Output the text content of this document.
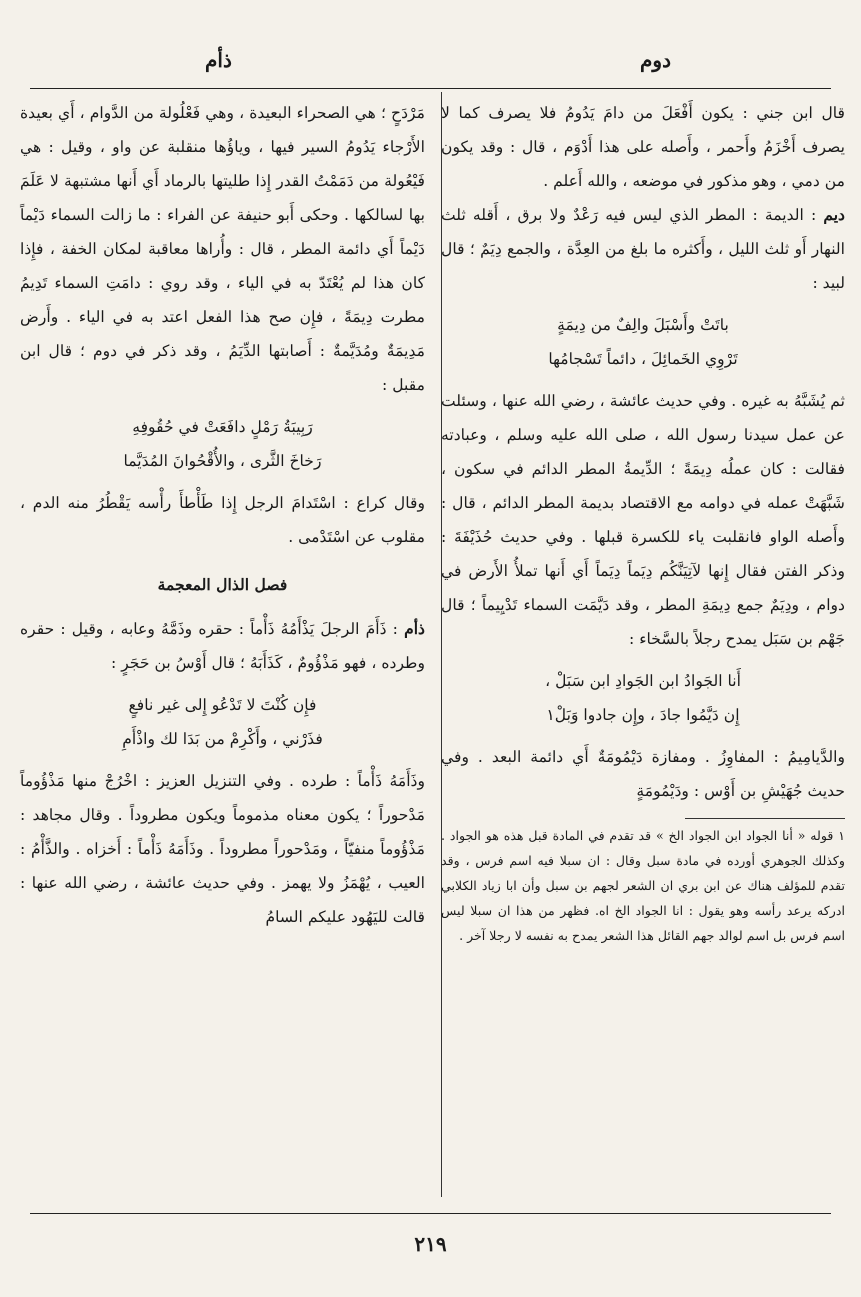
دوم
ذأم

قال ابن جني : يكون أَفْعَلَ من دامَ يَدُومُ فلا يصرف كما لا يصرف أَخْزَمُ وأَحمر ، وأَصله على هذا أَدْوَم ، قال : وقد يكون من دمي ، وهو مذكور في موضعه ، والله أَعلم .

ديم : الديمة : المطر الذي ليس فيه رَعْدٌ ولا برق ، أَقله ثلث النهار أَو ثلث الليل ، وأَكثره ما بلغ من العِدَّة ، والجمع دِيَمٌ ؛ قال لبيد :

باتَتْ وأَسْبَلَ والِفٌ من دِيمَةٍ
تَرْوِي الخَمائِلَ ، دائماً تَسْجامُها

ثم يُشَبَّهُ به غيره . وفي حديث عائشة ، رضي الله عنها ، وسئلت عن عمل سيدنا رسول الله ، صلى الله عليه وسلم ، وعبادته فقالت : كان عملُه دِيمَةً ؛ الدِّيمةُ المطر الدائم في سكون ، شَبَّهَتْ عمله في دوامه مع الاقتصاد بديمة المطر الدائم ، قال : وأَصله الواو فانقلبت ياء للكسرة قبلها . وفي حديث حُذَيْفَةَ : وذكر الفتن فقال إِنها لآتِيَنَّكُم دِيَماً دِيَماً أَي أَنها تملأُ الأَرض في دوام ، ودِيَمٌ جمع دِيمَةِ المطر ، وقد دَيَّمَت السماء تَدْيِيماً ؛ قال جَهْم بن سَبَل يمدح رجلاً بالسَّخاء :

أَنا الجَوادُ ابن الجَوادِ ابن سَبَلْ ،
إِن دَيَّمُوا جادَ ، وإِن جادوا وَبَلْ١

والدَّيامِيمُ : المفاوِزُ . ومفازة دَيْمُومَةٌ أَي دائمة البعد . وفي حديث جُهَيْشِ بن أَوْس : ودَيْمُومَةٍ

١ قوله « أنا الجواد ابن الجواد الخ » قد تقدم في المادة قبل هذه هو الجواد . وكذلك الجوهري أورده في مادة سبل وقال : ان سبلا فيه اسم فرس ، وقد تقدم للمؤلف هناك عن ابن بري ان الشعر لجهم بن سبل وأن ابا زياد الكلابي ادركه يرعد رأسه وهو يقول : انا الجواد الخ اه. فظهر من هذا ان سبلا ليس اسم فرس بل اسم لوالد جهم القائل هذا الشعر يمدح به نفسه لا رجلا آخر .

مَرْدَحٍ ؛ هي الصحراء البعيدة ، وهي فَعْلُولة من الدَّوام ، أَي بعيدة الأَرْجاء يَدُومُ السير فيها ، وياؤُها منقلبة عن واو ، وقيل : هي فَيْعُولة من دَمَمْتُ القدر إِذا طليتها بالرماد أَي أَنها مشتبهة لا عَلَمَ بها لسالكها . وحكى أَبو حنيفة عن الفراء : ما زالت السماء دَيْماً دَيْماً أَي دائمة المطر ، قال : وأُراها معاقبة لمكان الخفة ، فإِذا كان هذا لم يُعْتَدّ به في الياء ، وقد روي : دامَتِ السماء تَدِيمُ مطرت دِيمَةً ، فإِن صح هذا الفعل اعتد به في الياء . وأَرض مَدِيمَةٌ ومُدَيَّمةٌ : أَصابتها الدِّيَمُ ، وقد ذكر في دوم ؛ قال ابن مقبل :

رَبِيبَةُ رَمْلٍ دافَعَتْ في حُقُوفِهِ
رَخاخَ الثَّرى ، والأُقْحُوانَ المُدَيَّما

وقال كراع : اسْتَدامَ الرجل إِذا طَأْطأَ رأْسه يَقْطُرُ منه الدم ، مقلوب عن اسْتَدْمى .

فصل الذال المعجمة

ذأم : ذَأَمَ الرجلَ يَذْأَمُهُ ذَأْماً : حقره وذَمَّهُ وعابه ، وقيل : حقره وطرده ، فهو مَذْؤُومٌ ، كَذَأَبَهُ ؛ قال أَوْسُ بن حَجَرٍ :

فإِن كُنْتَ لا تَدْعُو إِلى غير نافعٍ
فذَرْني ، وأَكْرِمْ من بَدَا لك واذْأَمِ

وذَأَمَهُ ذَأْماً : طرده . وفي التنزيل العزيز : اخْرُجْ منها مَذْؤُوماً مَدْحوراً ؛ يكون معناه مذموماً ويكون مطروداً . وقال مجاهد : مَذْؤُوماً منفيّاً ، ومَدْحوراً مطروداً . وذَأَمَهُ ذَأْماً : أَخزاه . والذَّأْمُ : العيب ، يُهْمَزُ ولا يهمز . وفي حديث عائشة ، رضي الله عنها : قالت لليَهُود عليكم السامُ

٢١٩
